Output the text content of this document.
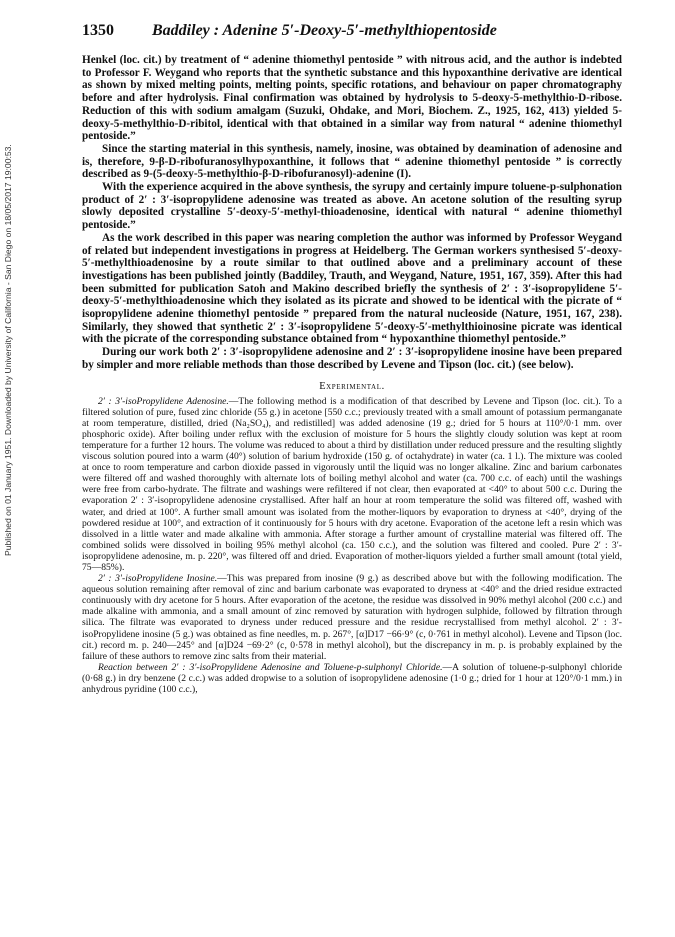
Published on 01 January 1951. Downloaded by University of California - San Diego on 18/05/2017 19:00:53.
1350 Baddiley : Adenine 5′-Deoxy-5′-methylthiopentoside

Henkel (loc. cit.) by treatment of “ adenine thiomethyl pentoside ” with nitrous acid, and the author is indebted to Professor F. Weygand who reports that the synthetic substance and this hypoxanthine derivative are identical as shown by mixed melting points, melting points, specific rotations, and behaviour on paper chromatography before and after hydrolysis. Final confirmation was obtained by hydrolysis to 5-deoxy-5-methylthio-D-ribose. Reduction of this with sodium amalgam (Suzuki, Ohdake, and Mori, Biochem. Z., 1925, 162, 413) yielded 5-deoxy-5-methylthio-D-ribitol, identical with that obtained in a similar way from natural “ adenine thiomethyl pentoside.”

Since the starting material in this synthesis, namely, inosine, was obtained by deamination of adenosine and is, therefore, 9-β-D-ribofuranosylhypoxanthine, it follows that “ adenine thiomethyl pentoside ” is correctly described as 9-(5-deoxy-5-methylthio-β-D-ribofuranosyl)-adenine (I).

With the experience acquired in the above synthesis, the syrupy and certainly impure toluene-p-sulphonation product of 2′ : 3′-isopropylidene adenosine was treated as above. An acetone solution of the resulting syrup slowly deposited crystalline 5′-deoxy-5′-methyl-thioadenosine, identical with natural “ adenine thiomethyl pentoside.”

As the work described in this paper was nearing completion the author was informed by Professor Weygand of related but independent investigations in progress at Heidelberg. The German workers synthesised 5′-deoxy-5′-methylthioadenosine by a route similar to that outlined above and a preliminary account of these investigations has been published jointly (Baddiley, Trauth, and Weygand, Nature, 1951, 167, 359). After this had been submitted for publication Satoh and Makino described briefly the synthesis of 2′ : 3′-isopropylidene 5′-deoxy-5′-methylthioadenosine which they isolated as its picrate and showed to be identical with the picrate of “ isopropylidene adenine thiomethyl pentoside ” prepared from the natural nucleoside (Nature, 1951, 167, 238). Similarly, they showed that synthetic 2′ : 3′-isopropylidene 5′-deoxy-5′-methylthioinosine picrate was identical with the picrate of the corresponding substance obtained from “ hypoxanthine thiomethyl pentoside.”

During our work both 2′ : 3′-isopropylidene adenosine and 2′ : 3′-isopropylidene inosine have been prepared by simpler and more reliable methods than those described by Levene and Tipson (loc. cit.) (see below).

Experimental.

2′ : 3′-isoPropylidene Adenosine.—The following method is a modification of that described by Levene and Tipson (loc. cit.). To a filtered solution of pure, fused zinc chloride (55 g.) in acetone [550 c.c.; previously treated with a small amount of potassium permanganate at room temperature, distilled, dried (Na₂SO₄), and redistilled] was added adenosine (19 g.; dried for 5 hours at 110°/0·1 mm. over phosphoric oxide). After boiling under reflux with the exclusion of moisture for 5 hours the slightly cloudy solution was kept at room temperature for a further 12 hours. The volume was reduced to about a third by distillation under reduced pressure and the resulting slightly viscous solution poured into a warm (40°) solution of barium hydroxide (150 g. of octahydrate) in water (ca. 1 l.). The mixture was cooled at once to room temperature and carbon dioxide passed in vigorously until the liquid was no longer alkaline. Zinc and barium carbonates were filtered off and washed thoroughly with alternate lots of boiling methyl alcohol and water (ca. 700 c.c. of each) until the washings were free from carbo-hydrate. The filtrate and washings were refiltered if not clear, then evaporated at <40° to about 500 c.c. During the evaporation 2′ : 3′-isopropylidene adenosine crystallised. After half an hour at room temperature the solid was filtered off, washed with water, and dried at 100°. A further small amount was isolated from the mother-liquors by evaporation to dryness at <40°, drying of the powdered residue at 100°, and extraction of it continuously for 5 hours with dry acetone. Evaporation of the acetone left a resin which was dissolved in a little water and made alkaline with ammonia. After storage a further amount of crystalline material was filtered off. The combined solids were dissolved in boiling 95% methyl alcohol (ca. 150 c.c.), and the solution was filtered and cooled. Pure 2′ : 3′-isopropylidene adenosine, m. p. 220°, was filtered off and dried. Evaporation of mother-liquors yielded a further small amount (total yield, 75—85%).

2′ : 3′-isoPropylidene Inosine.—This was prepared from inosine (9 g.) as described above but with the following modification. The aqueous solution remaining after removal of zinc and barium carbonate was evaporated to dryness at <40° and the dried residue extracted continuously with dry acetone for 5 hours. After evaporation of the acetone, the residue was dissolved in 90% methyl alcohol (200 c.c.) and made alkaline with ammonia, and a small amount of zinc removed by saturation with hydrogen sulphide, followed by filtration through silica. The filtrate was evaporated to dryness under reduced pressure and the residue recrystallised from methyl alcohol. 2′ : 3′-isoPropylidene inosine (5 g.) was obtained as fine needles, m. p. 267°, [α]D17 −66·9° (c, 0·761 in methyl alcohol). Levene and Tipson (loc. cit.) record m. p. 240—245° and [α]D24 −69·2° (c, 0·578 in methyl alcohol), but the discrepancy in m. p. is probably explained by the failure of these authors to remove zinc salts from their material.

Reaction between 2′ : 3′-isoPropylidene Adenosine and Toluene-p-sulphonyl Chloride.—A solution of toluene-p-sulphonyl chloride (0·68 g.) in dry benzene (2 c.c.) was added dropwise to a solution of isopropylidene adenosine (1·0 g.; dried for 1 hour at 120°/0·1 mm.) in anhydrous pyridine (100 c.c.),
